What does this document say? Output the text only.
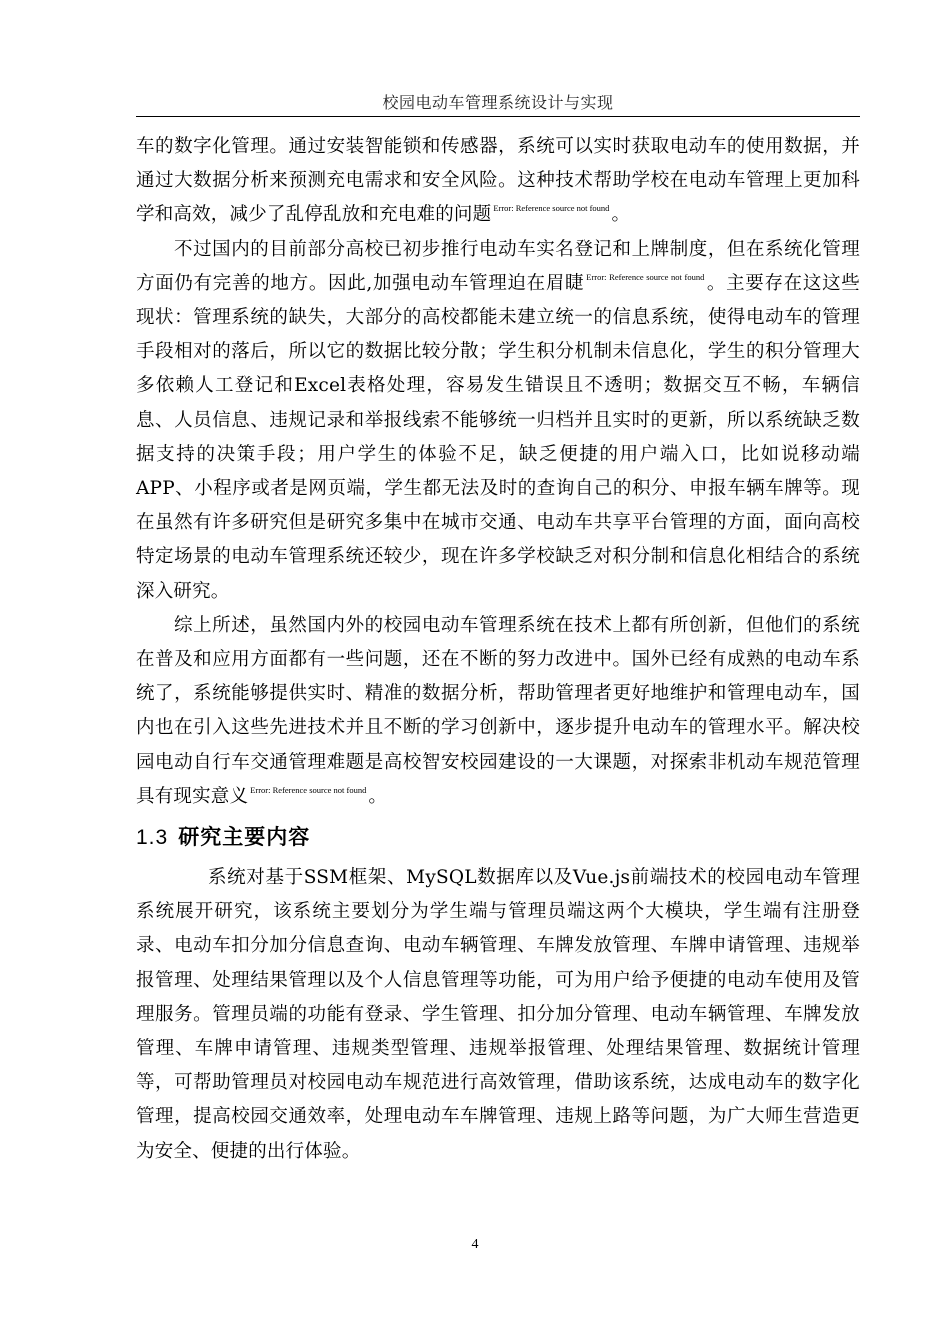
校园电动车管理系统设计与实现

车的数字化管理。通过安装智能锁和传感器，系统可以实时获取电动车的使用数据，并通过大数据分析来预测充电需求和安全风险。这种技术帮助学校在电动车管理上更加科学和高效，减少了乱停乱放和充电难的问题 $^{Error: Reference source not found}$ 。

不过国内的目前部分高校已初步推行电动车实名登记和上牌制度，但在系统化管理方面仍有完善的地方。因此,加强电动车管理迫在眉睫 $^{Error: Reference source not found}$ 。主要存在这这些现状：管理系统的缺失，大部分的高校都能未建立统一的信息系统，使得电动车的管理手段相对的落后，所以它的数据比较分散；学生积分机制未信息化，学生的积分管理大多依赖人工登记和Excel表格处理，容易发生错误且不透明；数据交互不畅，车辆信息、人员信息、违规记录和举报线索不能够统一归档并且实时的更新，所以系统缺乏数据支持的决策手段；用户学生的体验不足，缺乏便捷的用户端入口，比如说移动端APP、小程序或者是网页端，学生都无法及时的查询自己的积分、申报车辆车牌等。现在虽然有许多研究但是研究多集中在城市交通、电动车共享平台管理的方面，面向高校特定场景的电动车管理系统还较少，现在许多学校缺乏对积分制和信息化相结合的系统深入研究。

综上所述，虽然国内外的校园电动车管理系统在技术上都有所创新，但他们的系统在普及和应用方面都有一些问题，还在不断的努力改进中。国外已经有成熟的电动车系统了，系统能够提供实时、精准的数据分析，帮助管理者更好地维护和管理电动车，国内也在引入这些先进技术并且不断的学习创新中，逐步提升电动车的管理水平。解决校园电动自行车交通管理难题是高校智安校园建设的一大课题，对探索非机动车规范管理具有现实意义 $^{Error: Reference source not found}$ 。

1.3 研究主要内容

系统对基于SSM框架、MySQL数据库以及Vue.js前端技术的校园电动车管理系统展开研究，该系统主要划分为学生端与管理员端这两个大模块，学生端有注册登录、电动车扣分加分信息查询、电动车辆管理、车牌发放管理、车牌申请管理、违规举报管理、处理结果管理以及个人信息管理等功能，可为用户给予便捷的电动车使用及管理服务。管理员端的功能有登录、学生管理、扣分加分管理、电动车辆管理、车牌发放管理、车牌申请管理、违规类型管理、违规举报管理、处理结果管理、数据统计管理等，可帮助管理员对校园电动车规范进行高效管理，借助该系统，达成电动车的数字化管理，提高校园交通效率，处理电动车车牌管理、违规上路等问题，为广大师生营造更为安全、便捷的出行体验。

4
